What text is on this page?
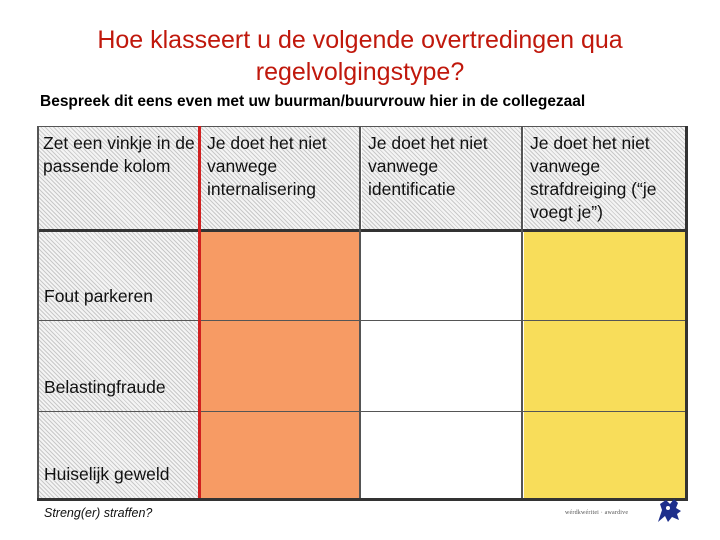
Hoe klasseert u de volgende overtredingen qua regelvolgingstype?
Bespreek dit eens even met uw buurman/buurvrouw hier in de collegezaal
Zet een vinkje in de passende kolom
Je doet het niet vanwege internalisering
Je doet het niet vanwege identificatie
Je doet het niet vanwege strafdreiging (“je voegt je”)
Fout parkeren
Belastingfraude
Huiselijk geweld
Streng(er) straffen?	wérdkwéritei · awardive
